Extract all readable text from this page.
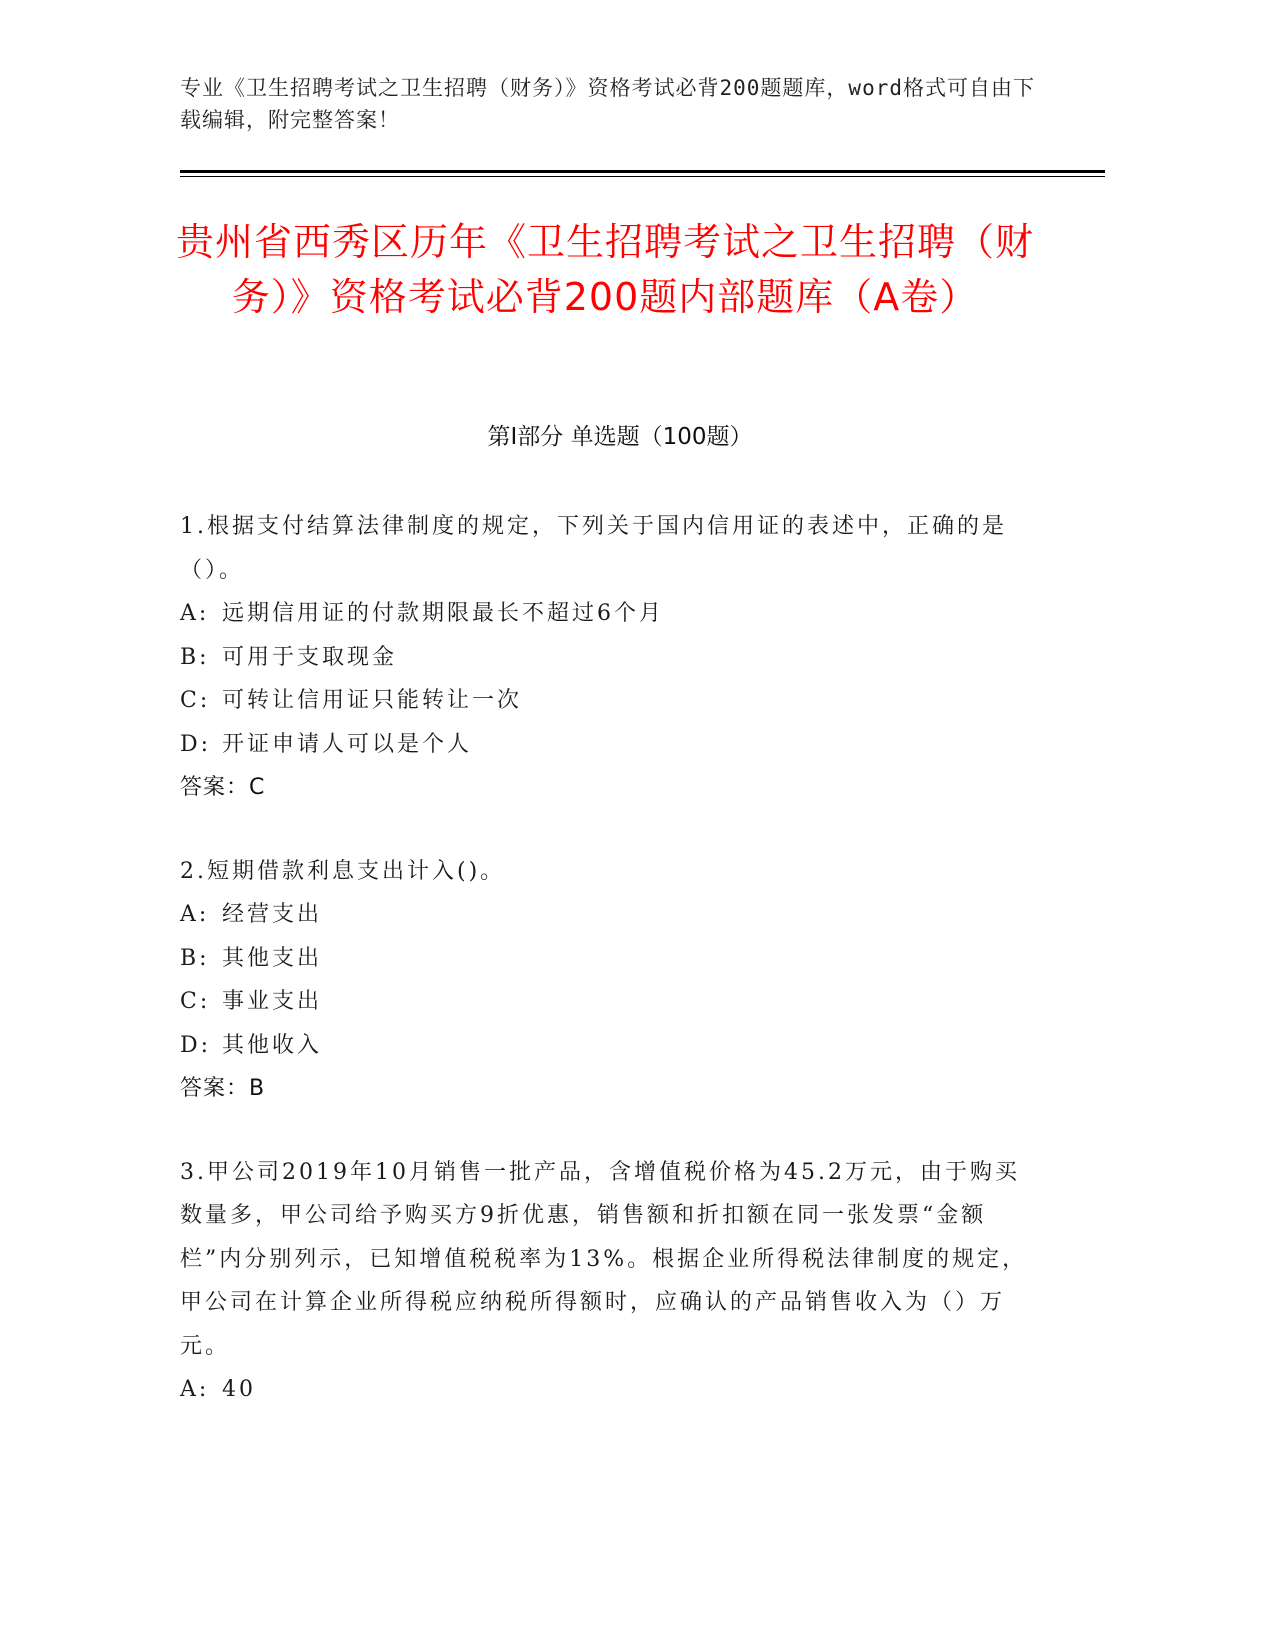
专业《卫生招聘考试之卫生招聘（财务）》资格考试必背200题题库，word格式可自由下载编辑，附完整答案！
贵州省西秀区历年《卫生招聘考试之卫生招聘（财务）》资格考试必背200题内部题库（A卷）
第Ⅰ部分 单选题（100题）

1.根据支付结算法律制度的规定，下列关于国内信用证的表述中，正确的是（）。

A: 远期信用证的付款期限最长不超过6个月

B: 可用于支取现金

C: 可转让信用证只能转让一次

D: 开证申请人可以是个人

答案：C

2.短期借款利息支出计入()。

A: 经营支出

B: 其他支出

C: 事业支出

D: 其他收入

答案：B

3.甲公司2019年10月销售一批产品，含增值税价格为45.2万元，由于购买数量多，甲公司给予购买方9折优惠，销售额和折扣额在同一张发票“金额栏”内分别列示，已知增值税税率为13%。根据企业所得税法律制度的规定，甲公司在计算企业所得税应纳税所得额时，应确认的产品销售收入为（）万元。

A: 40
